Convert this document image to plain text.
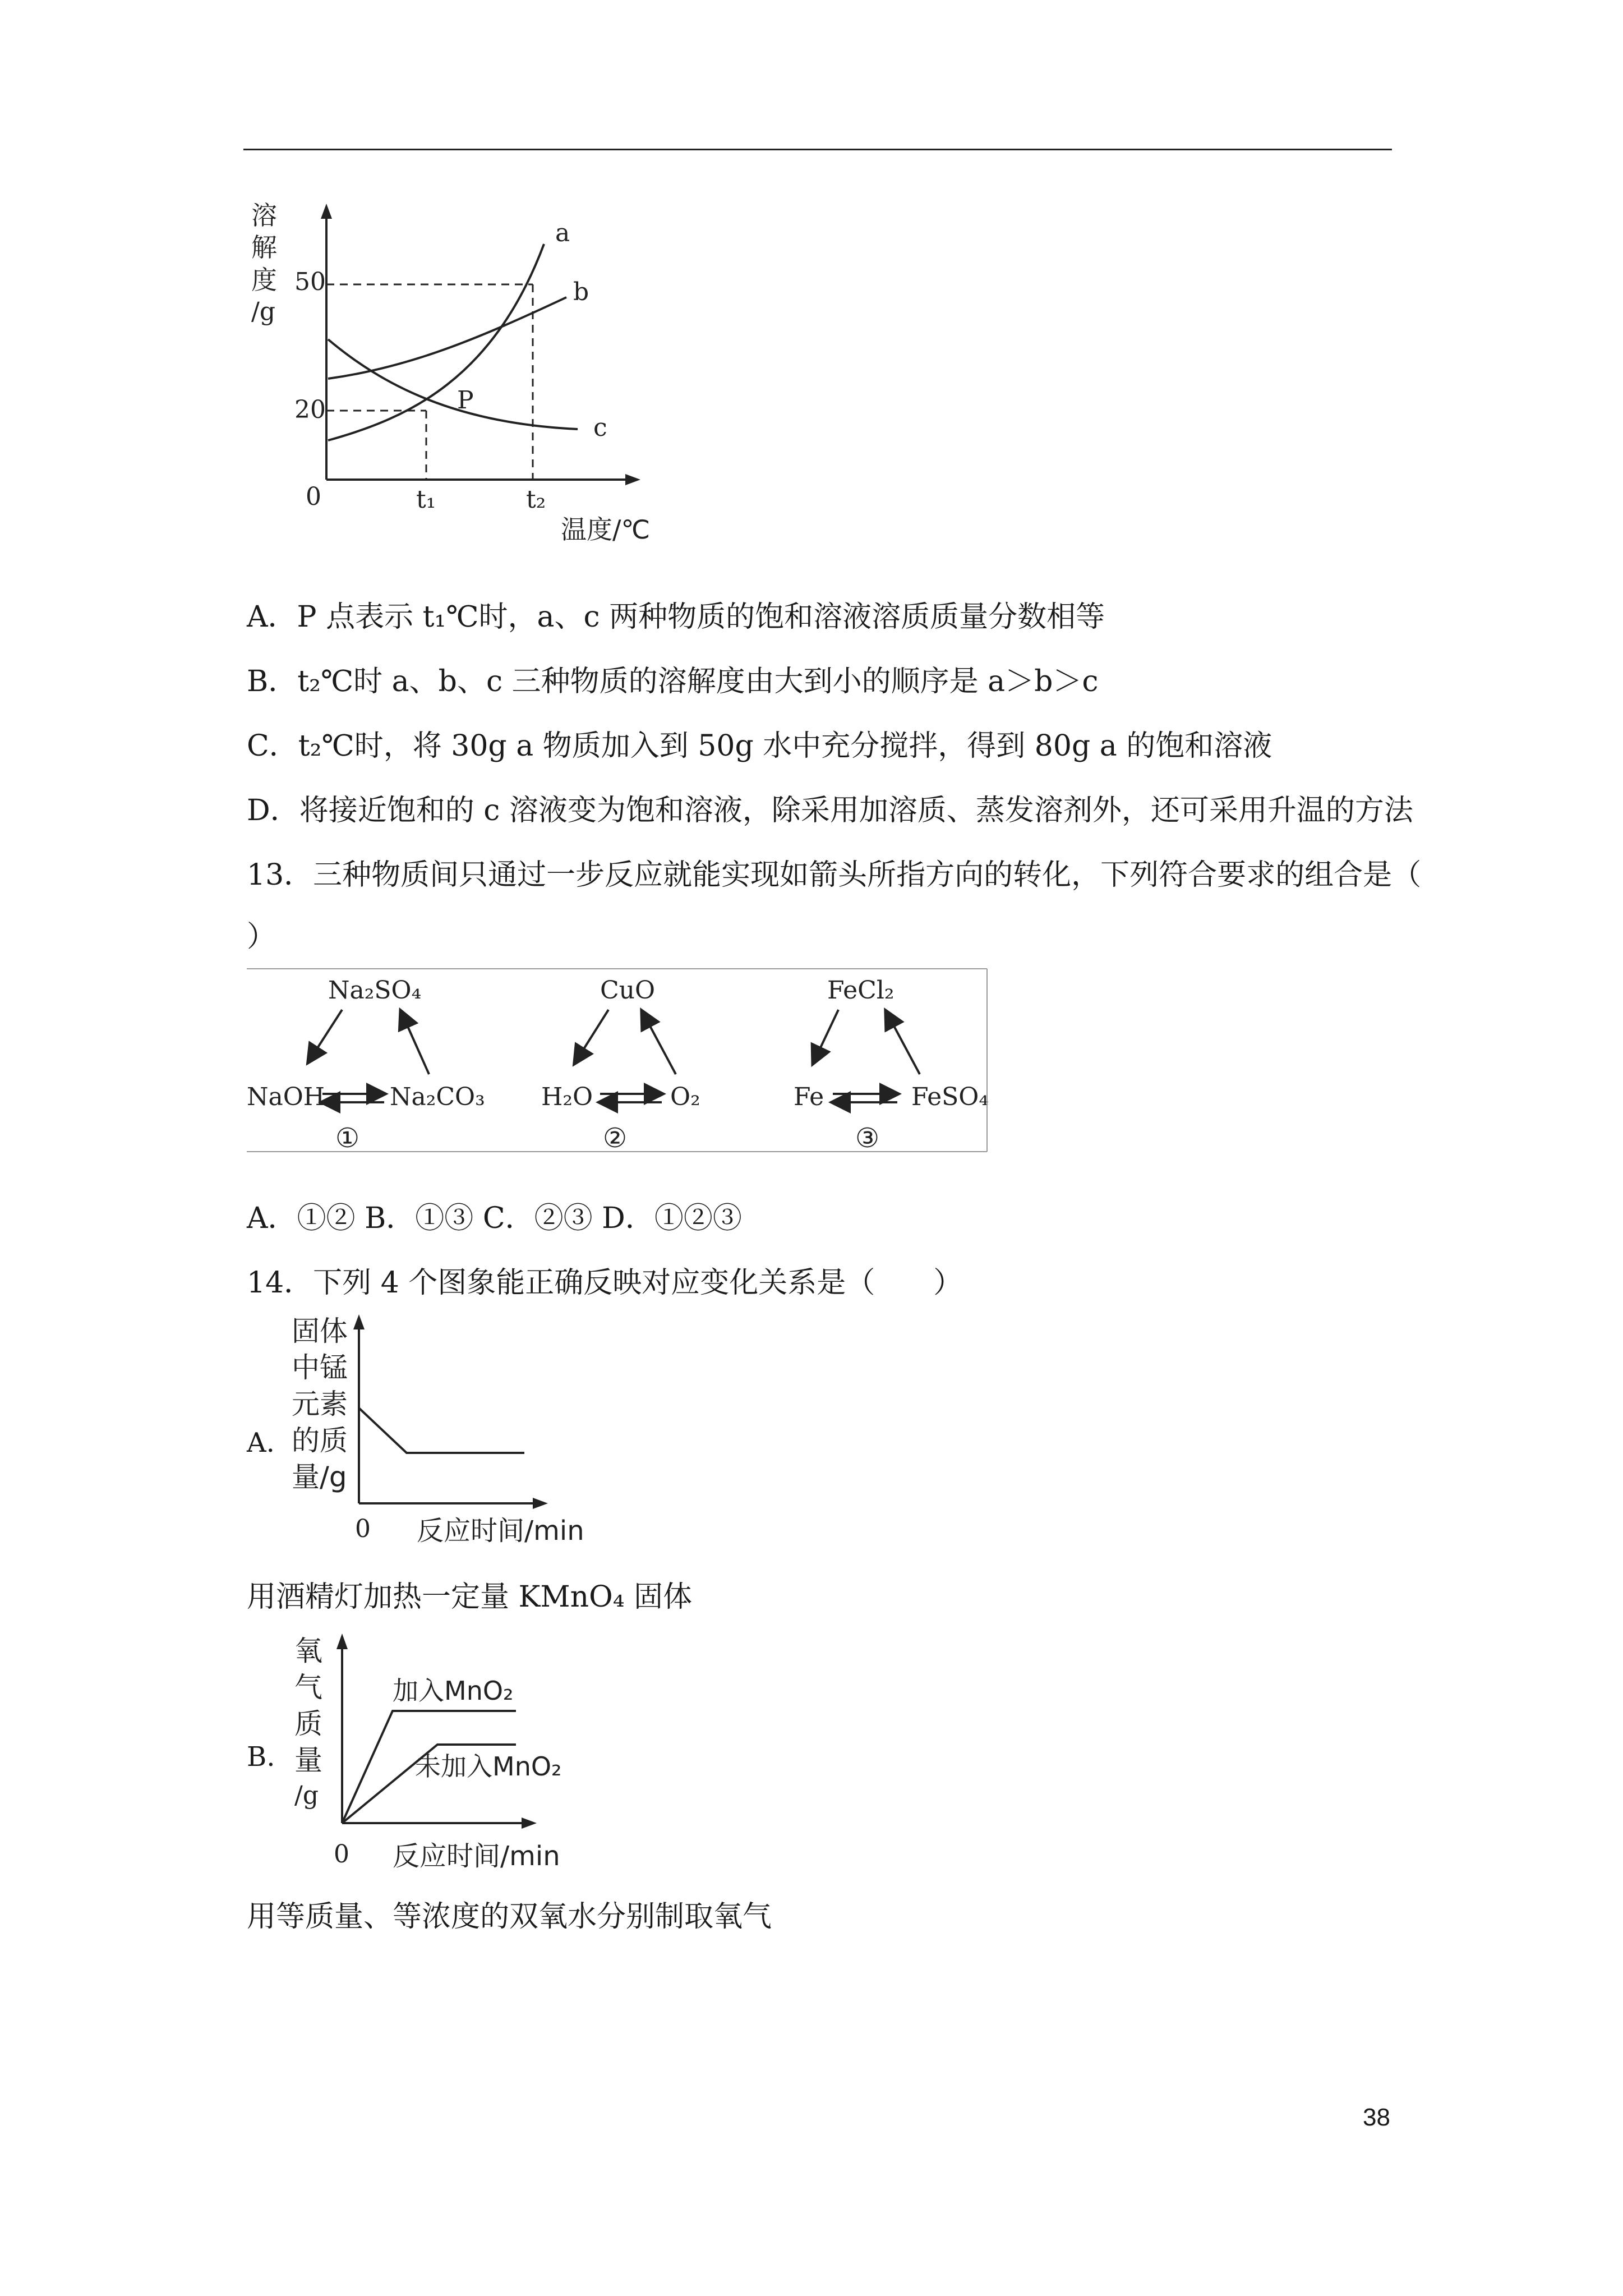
溶
解
度
/g
50
20
0	t₁	t₂
温度/℃
a
b
c
P
A．P 点表示 t₁℃时，a、c 两种物质的饱和溶液溶质质量分数相等
B．t₂℃时 a、b、c 三种物质的溶解度由大到小的顺序是 a＞b＞c
C．t₂℃时，将 30g a 物质加入到 50g 水中充分搅拌，得到 80g a 的饱和溶液
D．将接近饱和的 c 溶液变为饱和溶液，除采用加溶质、蒸发溶剂外，还可采用升温的方法
13．三种物质间只通过一步反应就能实现如箭头所指方向的转化，下列符合要求的组合是（
）
Na₂SO₄
NaOH	Na₂CO₃
①
CuO
H₂O	O₂
②
FeCl₂
Fe	FeSO₄
③
A．①② B．①③ C．②③ D．①②③
14．下列 4 个图象能正确反映对应变化关系是（　　）
A.
固体
中锰
元素
的质
量/g
0 反应时间/min
用酒精灯加热一定量 KMnO₄ 固体
B.
氧
气
质
量
/g
加入MnO₂
未加入MnO₂
0 反应时间/min
用等质量、等浓度的双氧水分别制取氧气
38
